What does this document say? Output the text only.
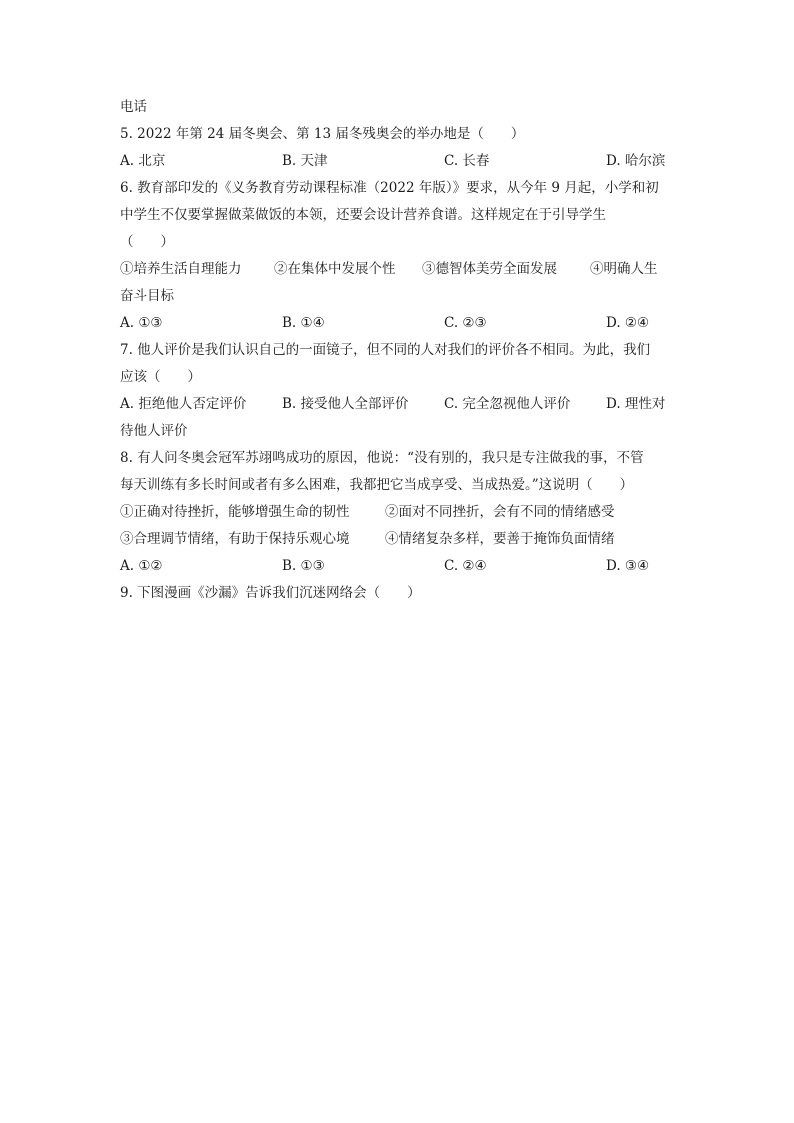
电话
5. 2022 年第 24 届冬奥会、第 13 届冬残奥会的举办地是（　　）
A. 北京	B. 天津	C. 长春	D. 哈尔滨
6. 教育部印发的《义务教育劳动课程标准（2022 年版）》要求，从今年 9 月起，小学和初
中学生不仅要掌握做菜做饭的本领，还要会设计营养食谱。这样规定在于引导学生
（　　）
①培养生活自理能力 ②在集体中发展个性 ③德智体美劳全面发展 ④明确人生
奋斗目标
A. ①③	B. ①④	C. ②③	D. ②④
7. 他人评价是我们认识自己的一面镜子，但不同的人对我们的评价各不相同。为此，我们
应该（　　）
A. 拒绝他人否定评价	B. 接受他人全部评价	C. 完全忽视他人评价	D. 理性对
待他人评价
8. 有人问冬奥会冠军苏翊鸣成功的原因，他说：“没有别的，我只是专注做我的事，不管
每天训练有多长时间或者有多么困难，我都把它当成享受、当成热爱。”这说明（　　）
①正确对待挫折，能够增强生命的韧性	②面对不同挫折，会有不同的情绪感受
③合理调节情绪，有助于保持乐观心境	④情绪复杂多样，要善于掩饰负面情绪
A. ①②	B. ①③	C. ②④	D. ③④
9. 下图漫画《沙漏》告诉我们沉迷网络会（　　）
